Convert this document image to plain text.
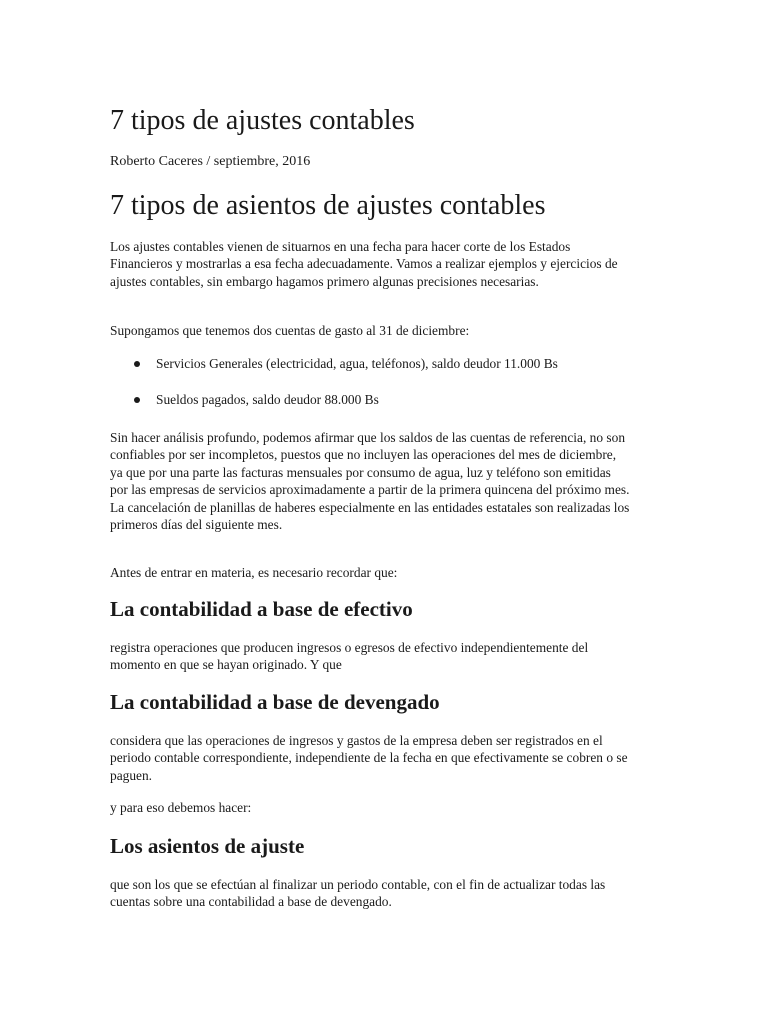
7 tipos de ajustes contables

Roberto Caceres / septiembre, 2016

7 tipos de asientos de ajustes contables

Los ajustes contables vienen de situarnos en una fecha para hacer corte de los Estados Financieros y mostrarlas a esa fecha adecuadamente. Vamos a realizar ejemplos y ejercicios de ajustes contables, sin embargo hagamos primero algunas precisiones necesarias.

Supongamos que tenemos dos cuentas de gasto al 31 de diciembre:

Servicios Generales (electricidad, agua, teléfonos), saldo deudor 11.000 Bs
Sueldos pagados, saldo deudor 88.000 Bs

Sin hacer análisis profundo, podemos afirmar que los saldos de las cuentas de referencia, no son confiables por ser incompletos, puestos que no incluyen las operaciones del mes de diciembre, ya que por una parte las facturas mensuales por consumo de agua, luz y teléfono son emitidas por las empresas de servicios aproximadamente a partir de la primera quincena del próximo mes. La cancelación de planillas de haberes especialmente en las entidades estatales son realizadas los primeros días del siguiente mes.

Antes de entrar en materia, es necesario recordar que:

La contabilidad a base de efectivo

registra operaciones que producen ingresos o egresos de efectivo independientemente del momento en que se hayan originado. Y que

La contabilidad a base de devengado

considera que las operaciones de ingresos y gastos de la empresa deben ser registrados en el periodo contable correspondiente, independiente de la fecha en que efectivamente se cobren o se paguen.

y para eso debemos hacer:

Los asientos de ajuste

que son los que se efectúan al finalizar un periodo contable, con el fin de actualizar todas las cuentas sobre una contabilidad a base de devengado.
